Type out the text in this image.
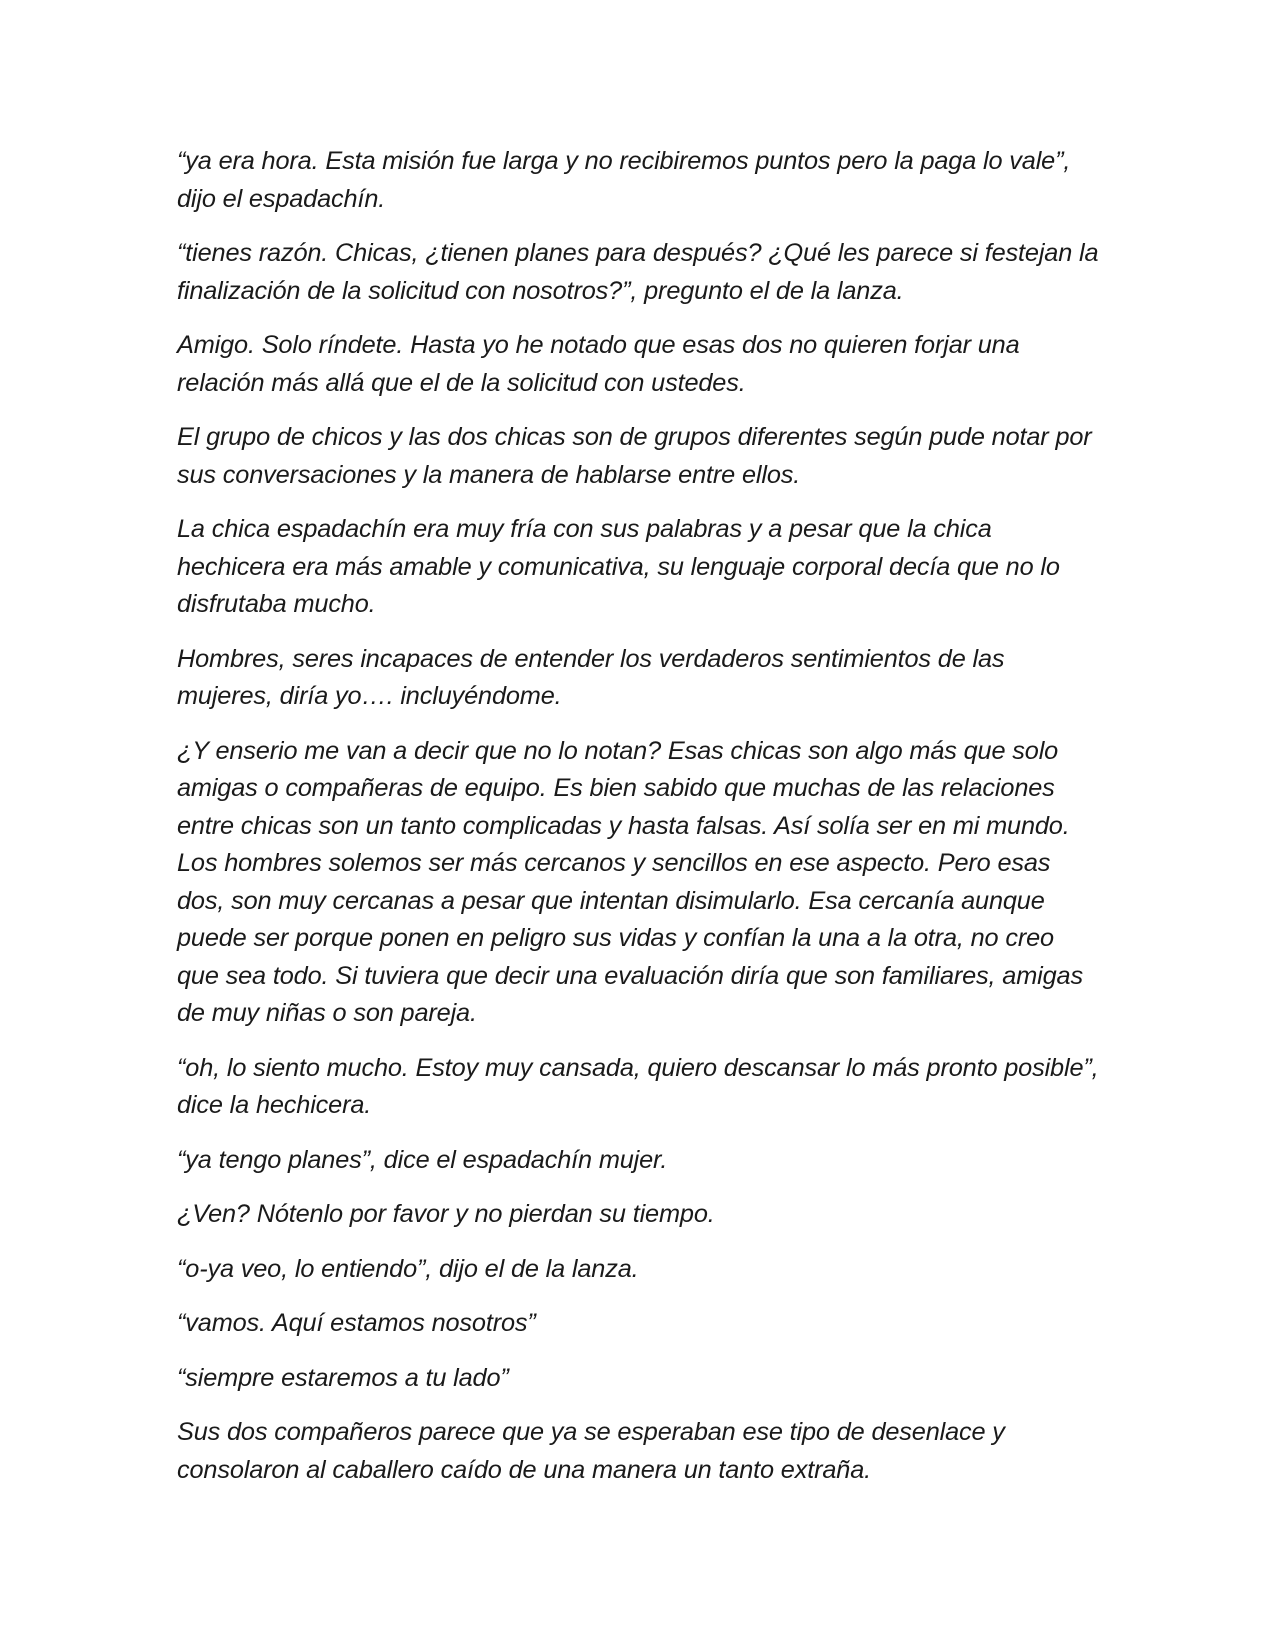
“ya era hora. Esta misión fue larga y no recibiremos puntos pero la paga lo vale”, dijo el espadachín.

“tienes razón. Chicas, ¿tienen planes para después? ¿Qué les parece si festejan la finalización de la solicitud con nosotros?”, pregunto el de la lanza.

Amigo. Solo ríndete. Hasta yo he notado que esas dos no quieren forjar una relación más allá que el de la solicitud con ustedes.

El grupo de chicos y las dos chicas son de grupos diferentes según pude notar por sus conversaciones y la manera de hablarse entre ellos.

La chica espadachín era muy fría con sus palabras y a pesar que la chica hechicera era más amable y comunicativa, su lenguaje corporal decía que no lo disfrutaba mucho.

Hombres, seres incapaces de entender los verdaderos sentimientos de las mujeres, diría yo…. incluyéndome.

¿Y enserio me van a decir que no lo notan? Esas chicas son algo más que solo amigas o compañeras de equipo. Es bien sabido que muchas de las relaciones entre chicas son un tanto complicadas y hasta falsas. Así solía ser en mi mundo. Los hombres solemos ser más cercanos y sencillos en ese aspecto. Pero esas dos, son muy cercanas a pesar que intentan disimularlo. Esa cercanía aunque puede ser porque ponen en peligro sus vidas y confían la una a la otra, no creo que sea todo. Si tuviera que decir una evaluación diría que son familiares, amigas de muy niñas o son pareja.

“oh, lo siento mucho. Estoy muy cansada, quiero descansar lo más pronto posible”, dice la hechicera.

“ya tengo planes”, dice el espadachín mujer.

¿Ven? Nótenlo por favor y no pierdan su tiempo.

“o-ya veo, lo entiendo”, dijo el de la lanza.

“vamos. Aquí estamos nosotros”

“siempre estaremos a tu lado”

Sus dos compañeros parece que ya se esperaban ese tipo de desenlace y consolaron al caballero caído de una manera un tanto extraña.
